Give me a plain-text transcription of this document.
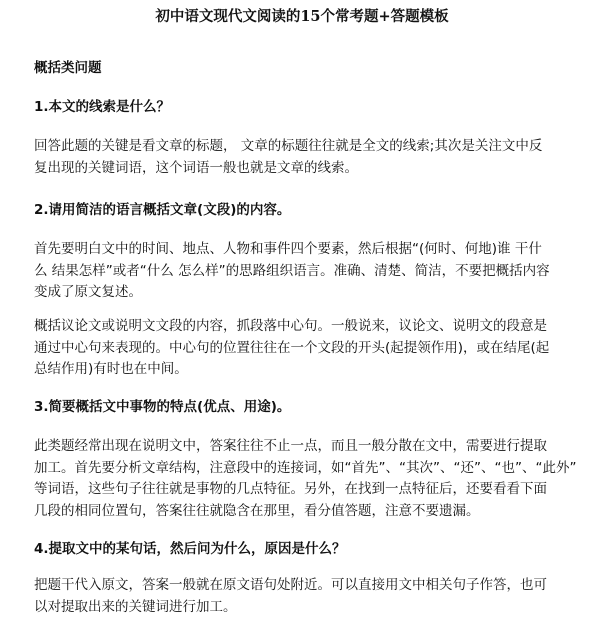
初中语文现代文阅读的15个常考题+答题模板
概括类问题
1.本文的线索是什么？
回答此题的关键是看文章的标题， 文章的标题往往就是全文的线索;其次是关注文中反
复出现的关键词语，这个词语一般也就是文章的线索。
2.请用简洁的语言概括文章(文段)的内容。
首先要明白文中的时间、地点、人物和事件四个要素，然后根据“(何时、何地)谁 干什
么 结果怎样”或者“什么 怎么样”的思路组织语言。准确、清楚、简洁，不要把概括内容
变成了原文复述。
概括议论文或说明文文段的内容，抓段落中心句。一般说来，议论文、说明文的段意是
通过中心句来表现的。中心句的位置往往在一个文段的开头(起提领作用)，或在结尾(起
总结作用)有时也在中间。
3.简要概括文中事物的特点(优点、用途)。
此类题经常出现在说明文中，答案往往不止一点，而且一般分散在文中，需要进行提取
加工。首先要分析文章结构，注意段中的连接词，如“首先”、“其次”、“还”、“也”、“此外”
等词语，这些句子往往就是事物的几点特征。另外，在找到一点特征后，还要看看下面
几段的相同位置句，答案往往就隐含在那里，看分值答题，注意不要遗漏。
4.提取文中的某句话，然后问为什么，原因是什么？
把题干代入原文，答案一般就在原文语句处附近。可以直接用文中相关句子作答，也可
以对提取出来的关键词进行加工。
